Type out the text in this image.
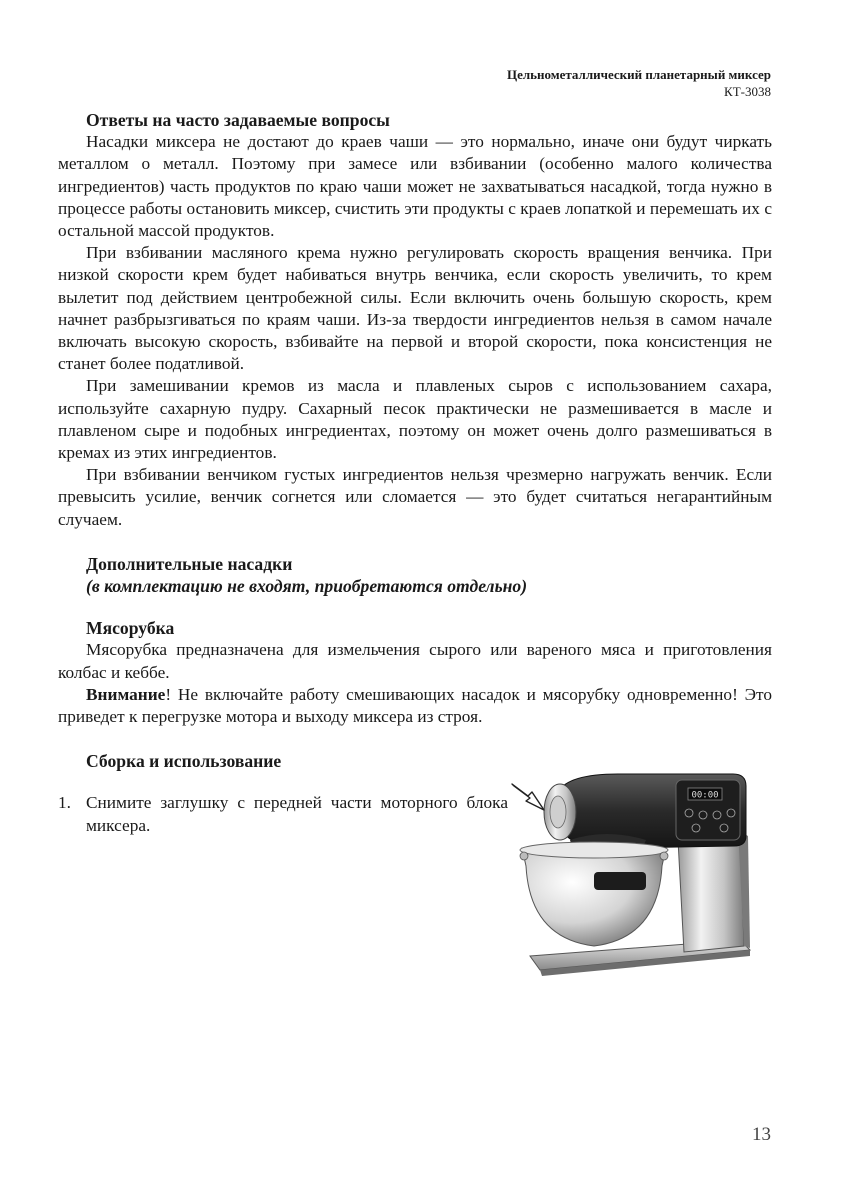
Цельнометаллический планетарный миксер
КТ-3038
Ответы на часто задаваемые вопросы

Насадки миксера не достают до краев чаши — это нормально, иначе они будут чиркать металлом о металл. Поэтому при замесе или взбивании (особенно малого количества ингредиентов) часть продуктов по краю чаши может не захватываться насадкой, тогда нужно в процессе работы остановить миксер, счистить эти продукты с краев лопаткой и перемешать их с остальной массой продуктов.

При взбивании масляного крема нужно регулировать скорость вращения венчика. При низкой скорости крем будет набиваться внутрь венчика, если скорость увеличить, то крем вылетит под действием центробежной силы. Если включить очень большую скорость, крем начнет разбрызгиваться по краям чаши. Из-за твердости ингредиентов нельзя в самом начале включать высокую скорость, взбивайте на первой и второй скорости, пока консистенция не станет более податливой.

При замешивании кремов из масла и плавленых сыров с использованием сахара, используйте сахарную пудру. Сахарный песок практически не размешивается в масле и плавленом сыре и подобных ингредиентах, поэтому он может очень долго размешиваться в кремах из этих ингредиентов.

При взбивании венчиком густых ингредиентов нельзя чрезмерно нагружать венчик. Если превысить усилие, венчик согнется или сломается — это будет считаться негарантийным случаем.

Дополнительные насадки
(в комплектацию не входят, приобретаются отдельно)
Мясорубка

Мясорубка предназначена для измельчения сырого или вареного мяса и приготовления колбас и кеббе.

Внимание! Не включайте работу смешивающих насадок и мясорубку одновременно! Это приведет к перегрузке мотора и выходу миксера из строя.

Сборка и использование

1. Снимите заглушку с передней части моторного блока миксера.

00:00
13
